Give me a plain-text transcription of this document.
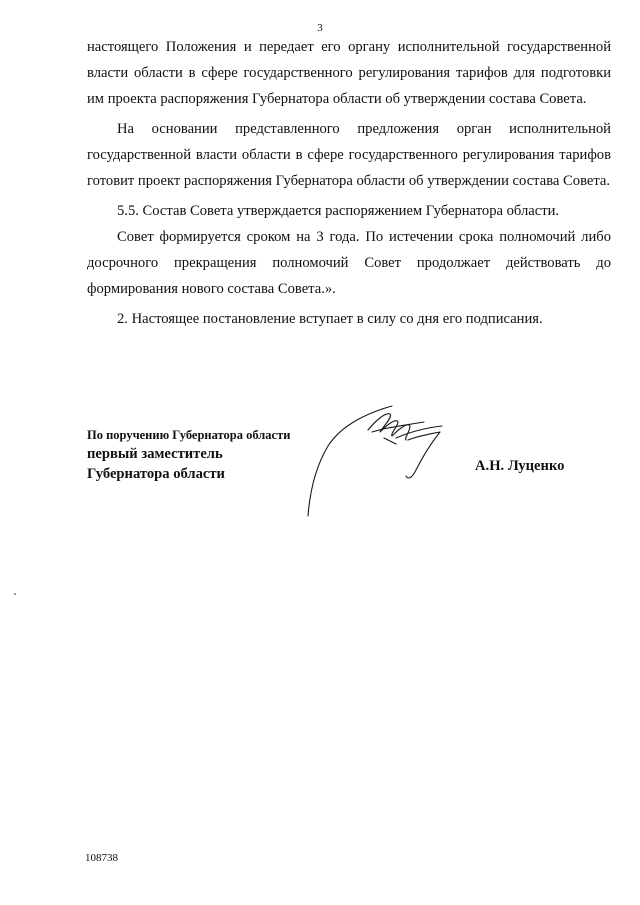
3

настоящего Положения и передает его органу исполнительной государственной власти области в сфере государственного регулирования тарифов для подготовки им проекта распоряжения Губернатора области об утверждении состава Совета.

На основании представленного предложения орган исполнительной государственной власти области в сфере государственного регулирования тарифов готовит проект распоряжения Губернатора области об утверждении состава Совета.

5.5. Состав Совета утверждается распоряжением Губернатора области.

Совет формируется сроком на 3 года. По истечении срока полномочий либо досрочного прекращения полномочий Совет продолжает действовать до формирования нового состава Совета.».

2. Настоящее постановление вступает в силу со дня его подписания.

По поручению Губернатора области
первый заместитель
Губернатора области	А.Н. Луценко
108738
